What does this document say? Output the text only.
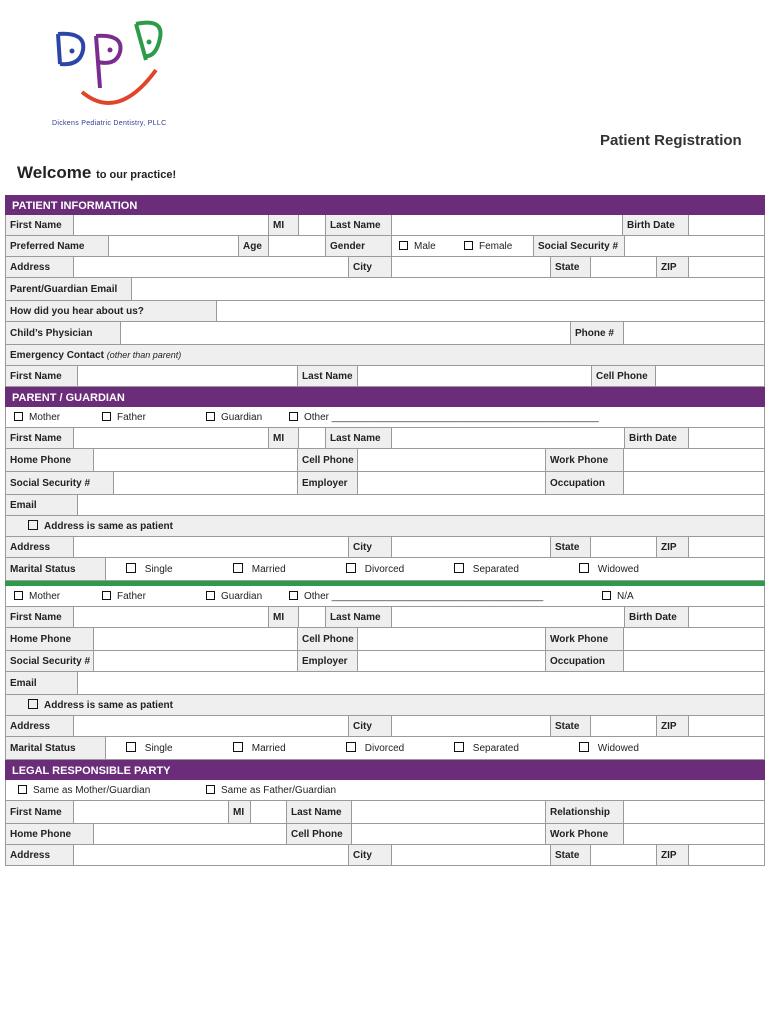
Dickens Pediatric Dentistry, PLLC
Patient Registration
Welcome to our practice!
PATIENT INFORMATION
First Name	MI	Last Name	Birth Date
Preferred Name	Age	Gender	Male	Female	Social Security #
Address	City	State	ZIP
Parent/Guardian Email
How did you hear about us?
Child’s Physician	Phone #
Emergency Contact (other than parent)
First Name	Last Name	Cell Phone
PARENT / GUARDIAN
Mother	Father	Guardian	Other ________________________________________________
First Name	MI	Last Name	Birth Date
Home Phone	Cell Phone	Work Phone
Social Security #	Employer	Occupation
Email
Address is same as patient
Address	City	State	ZIP
Marital Status	Single	Married	Divorced	Separated	Widowed
Mother	Father	Guardian	Other ______________________________________	N/A
First Name	MI	Last Name	Birth Date
Home Phone	Cell Phone	Work Phone
Social Security #	Employer	Occupation
Email
Address is same as patient
Address	City	State	ZIP
Marital Status	Single	Married	Divorced	Separated	Widowed
LEGAL RESPONSIBLE PARTY
Same as Mother/Guardian	Same as Father/Guardian
First Name	MI	Last Name	Relationship
Home Phone	Cell Phone	Work Phone
Address	City	State	ZIP
